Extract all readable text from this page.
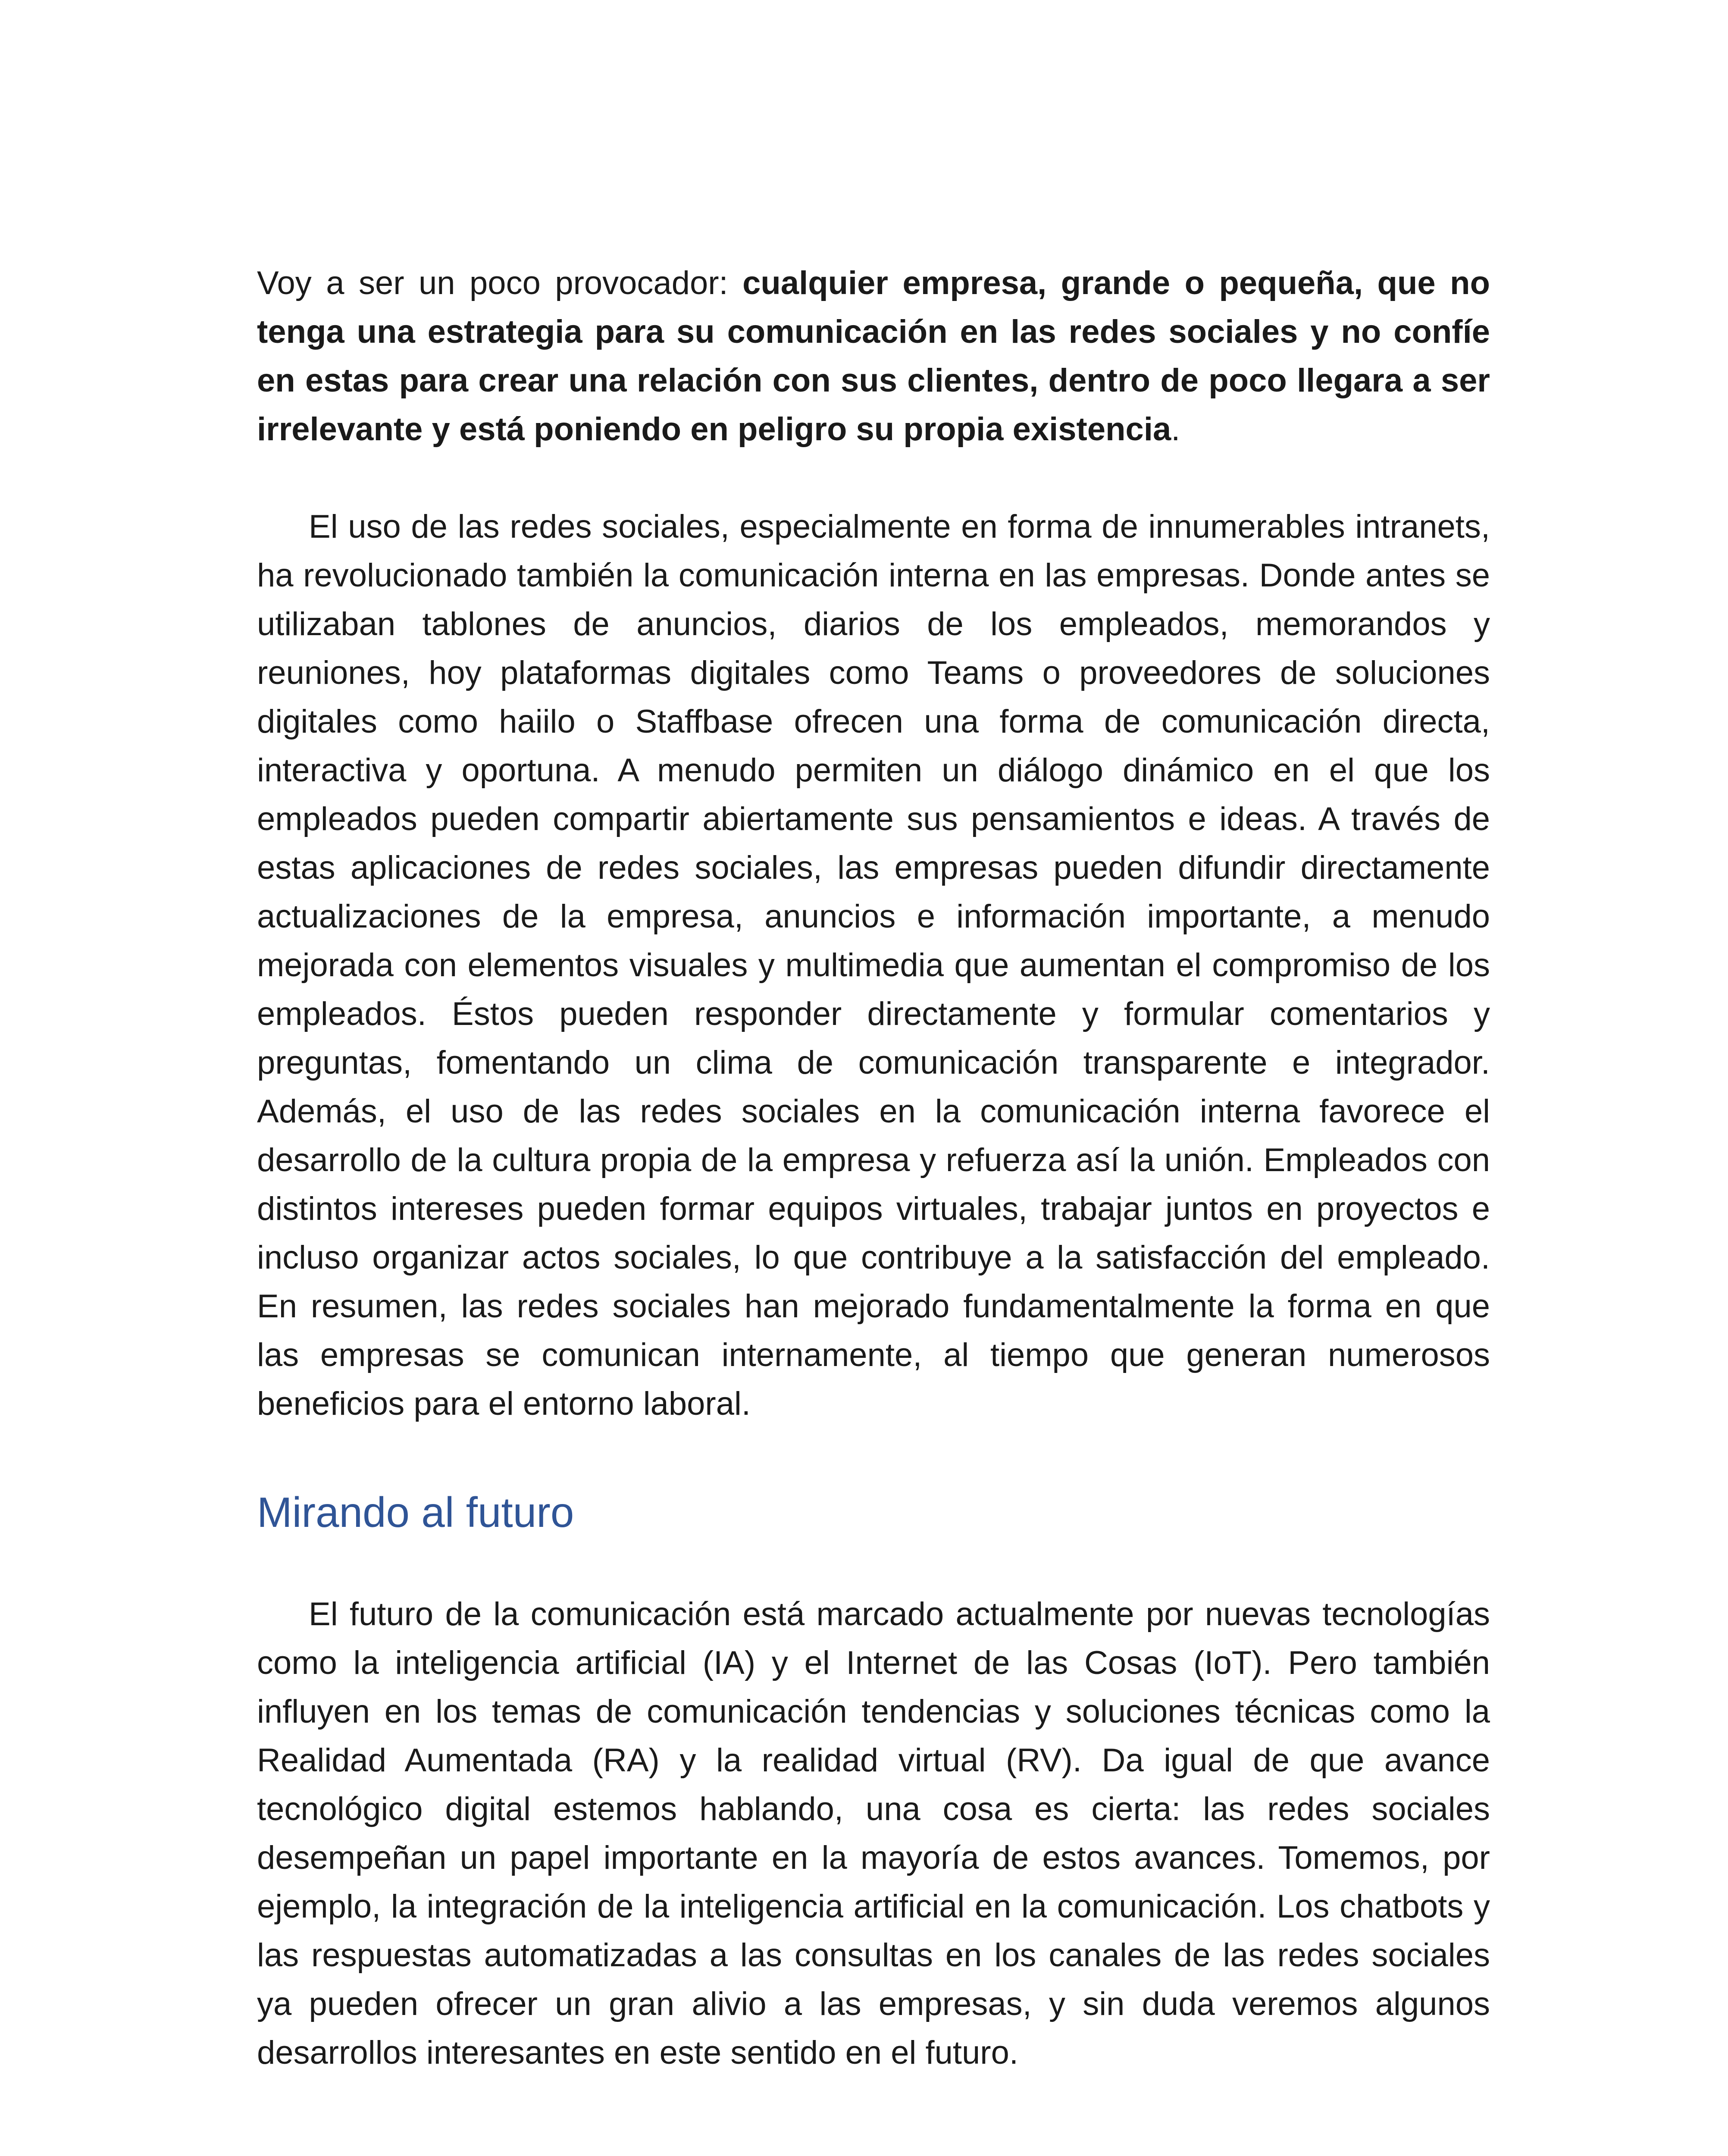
Voy a ser un poco provocador: cualquier empresa, grande o pequeña, que no tenga una estrategia para su comunicación en las redes sociales y no confíe en estas para crear una relación con sus clientes, dentro de poco llegara a ser irrelevante y está poniendo en peligro su propia existencia.

El uso de las redes sociales, especialmente en forma de innumerables intranets, ha revolucionado también la comunicación interna en las empresas. Donde antes se utilizaban tablones de anuncios, diarios de los empleados, memorandos y reuniones, hoy plataformas digitales como Teams o proveedores de soluciones digitales como haiilo o Staffbase ofrecen una forma de comunicación directa, interactiva y oportuna. A menudo permiten un diálogo dinámico en el que los empleados pueden compartir abiertamente sus pensamientos e ideas. A través de estas aplicaciones de redes sociales, las empresas pueden difundir directamente actualizaciones de la empresa, anuncios e información importante, a menudo mejorada con elementos visuales y multimedia que aumentan el compromiso de los empleados. Éstos pueden responder directamente y formular comentarios y preguntas, fomentando un clima de comunicación transparente e integrador. Además, el uso de las redes sociales en la comunicación interna favorece el desarrollo de la cultura propia de la empresa y refuerza así la unión. Empleados con distintos intereses pueden formar equipos virtuales, trabajar juntos en proyectos e incluso organizar actos sociales, lo que contribuye a la satisfacción del empleado. En resumen, las redes sociales han mejorado fundamentalmente la forma en que las empresas se comunican internamente, al tiempo que generan numerosos beneficios para el entorno laboral.

Mirando al futuro

El futuro de la comunicación está marcado actualmente por nuevas tecnologías como la inteligencia artificial (IA) y el Internet de las Cosas (IoT). Pero también influyen en los temas de comunicación tendencias y soluciones técnicas como la Realidad Aumentada (RA) y la realidad virtual (RV). Da igual de que avance tecnológico digital estemos hablando, una cosa es cierta: las redes sociales desempeñan un papel importante en la mayoría de estos avances. Tomemos, por ejemplo, la integración de la inteligencia artificial en la comunicación. Los chatbots y las respuestas automatizadas a las consultas en los canales de las redes sociales ya pueden ofrecer un gran alivio a las empresas, y sin duda veremos algunos desarrollos interesantes en este sentido en el futuro.
